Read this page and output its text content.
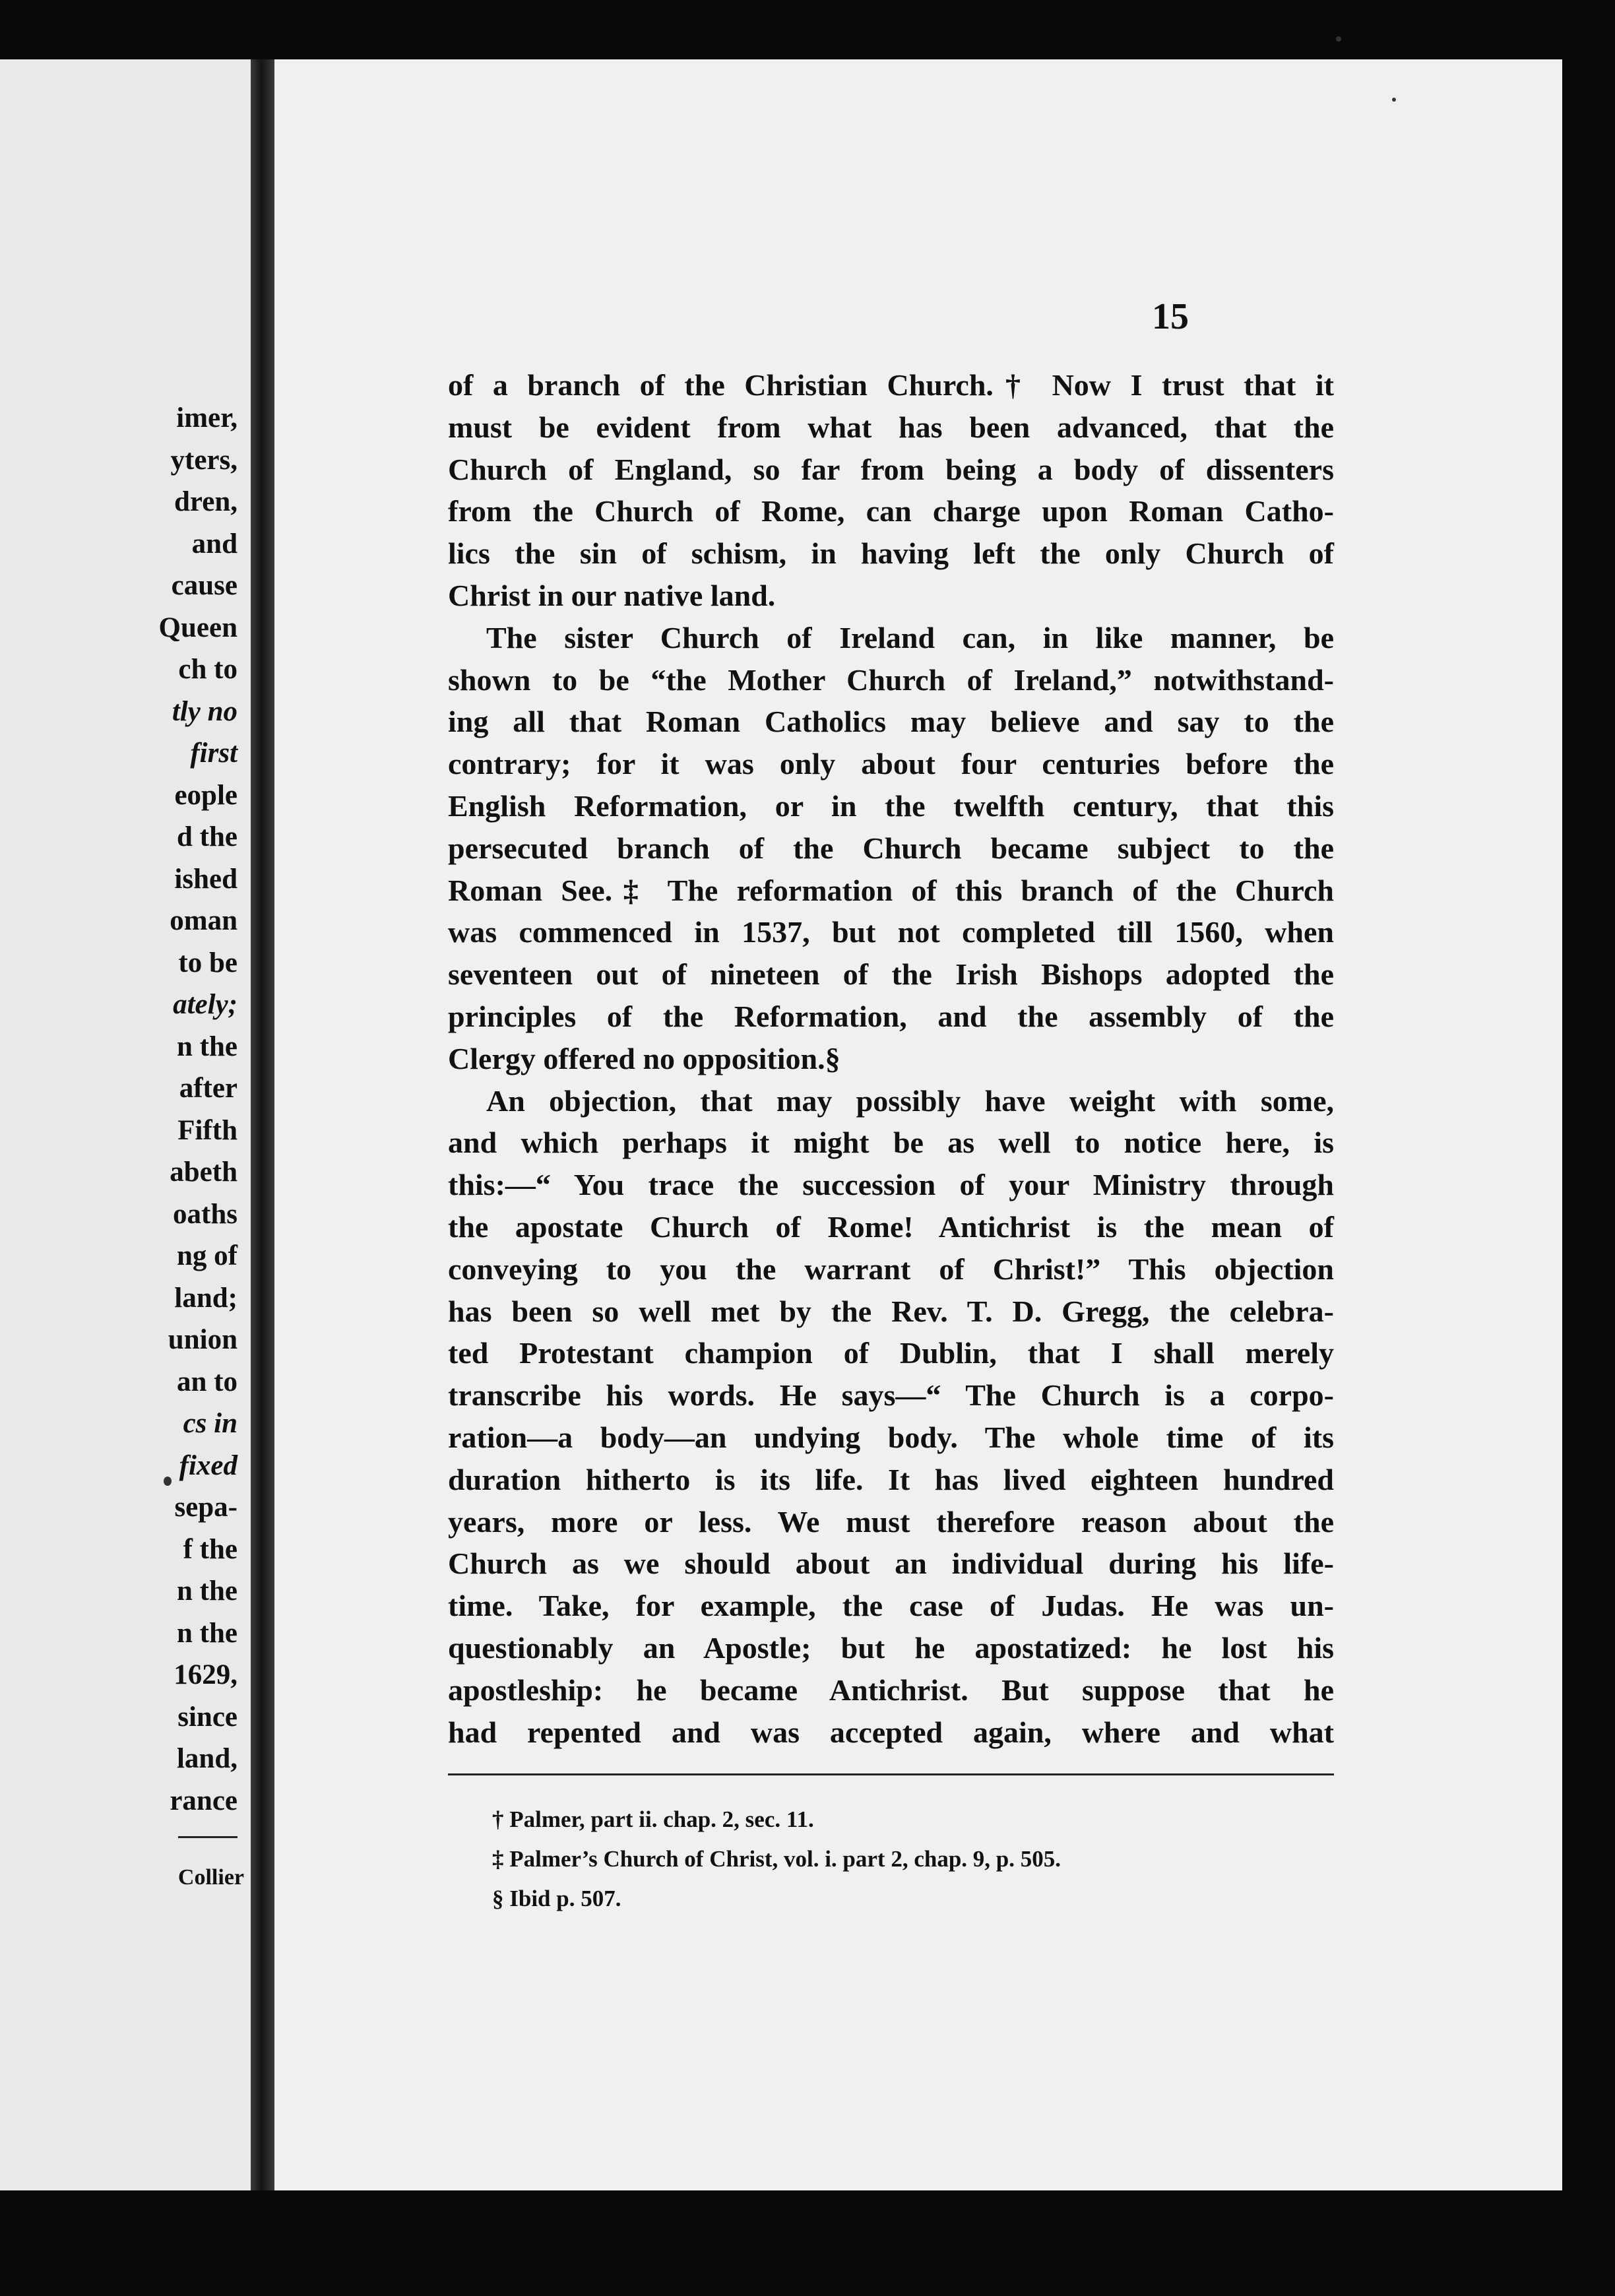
imer,
yters,
dren,
and
cause
Queen
ch to
tly no
first
eople
d the
ished
oman
to be
ately;
n the
after
Fifth
abeth
oaths
ng of
land;
union
an to
cs in
fixed
sepa-
f the
n the
n the
1629,
since
land,
rance
Collier
15
of a branch of the Christian Church.† Now I trust that it
must be evident from what has been advanced, that the
Church of England, so far from being a body of dissenters
from the Church of Rome, can charge upon Roman Catho-
lics the sin of schism, in having left the only Church of
Christ in our native land.
The sister Church of Ireland can, in like manner, be
shown to be “the Mother Church of Ireland,” notwithstand-
ing all that Roman Catholics may believe and say to the
contrary; for it was only about four centuries before the
English Reformation, or in the twelfth century, that this
persecuted branch of the Church became subject to the
Roman See.‡ The reformation of this branch of the Church
was commenced in 1537, but not completed till 1560, when
seventeen out of nineteen of the Irish Bishops adopted the
principles of the Reformation, and the assembly of the
Clergy offered no opposition.§
An objection, that may possibly have weight with some,
and which perhaps it might be as well to notice here, is
this:—“ You trace the succession of your Ministry through
the apostate Church of Rome! Antichrist is the mean of
conveying to you the warrant of Christ!” This objection
has been so well met by the Rev. T. D. Gregg, the celebra-
ted Protestant champion of Dublin, that I shall merely
transcribe his words. He says—“ The Church is a corpo-
ration—a body—an undying body. The whole time of its
duration hitherto is its life. It has lived eighteen hundred
years, more or less. We must therefore reason about the
Church as we should about an individual during his life-
time. Take, for example, the case of Judas. He was un-
questionably an Apostle; but he apostatized: he lost his
apostleship: he became Antichrist. But suppose that he
had repented and was accepted again, where and what
† Palmer, part ii. chap. 2, sec. 11.
‡ Palmer’s Church of Christ, vol. i. part 2, chap. 9, p. 505.
§ Ibid p. 507.
